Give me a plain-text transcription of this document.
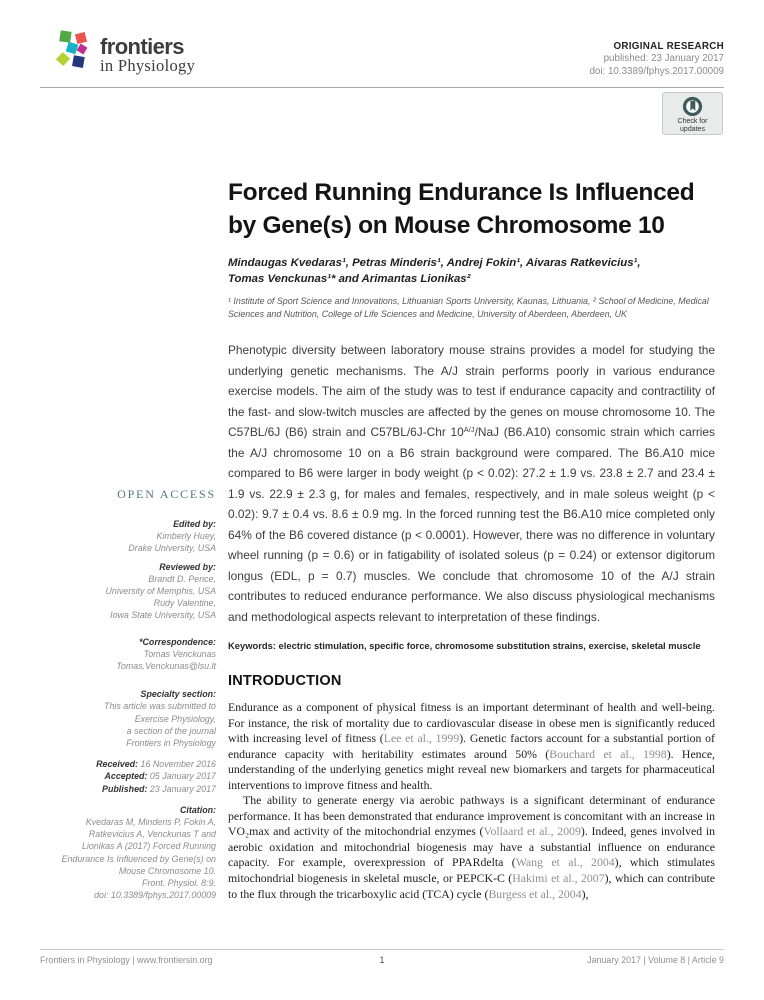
frontiers
in Physiology
ORIGINAL RESEARCH
published: 23 January 2017
doi: 10.3389/fphys.2017.00009
Check for
updates
OPEN ACCESS
Edited by:
Kimberly Huey,
Drake University, USA
Reviewed by:
Brandt D. Pence,
University of Memphis, USA
Rudy Valentine,
Iowa State University, USA
*Correspondence:
Tomas Venckunas
Tomas.Venckunas@lsu.lt
Specialty section:
This article was submitted to
Exercise Physiology,
a section of the journal
Frontiers in Physiology
Received: 16 November 2016
Accepted: 05 January 2017
Published: 23 January 2017
Citation:
Kvedaras M, Minderis P, Fokin A,
Ratkevicius A, Venckunas T and
Lionikas A (2017) Forced Running
Endurance Is Influenced by Gene(s) on
Mouse Chromosome 10.
Front. Physiol. 8:9.
doi: 10.3389/fphys.2017.00009
Forced Running Endurance Is Influenced by Gene(s) on Mouse Chromosome 10
Mindaugas Kvedaras¹, Petras Minderis¹, Andrej Fokin¹, Aivaras Ratkevicius¹,
Tomas Venckunas¹* and Arimantas Lionikas²
¹ Institute of Sport Science and Innovations, Lithuanian Sports University, Kaunas, Lithuania, ² School of Medicine, Medical Sciences and Nutrition, College of Life Sciences and Medicine, University of Aberdeen, Aberdeen, UK
Phenotypic diversity between laboratory mouse strains provides a model for studying the underlying genetic mechanisms. The A/J strain performs poorly in various endurance exercise models. The aim of the study was to test if endurance capacity and contractility of the fast- and slow-twitch muscles are affected by the genes on mouse chromosome 10. The C57BL/6J (B6) strain and C57BL/6J-Chr $10^{A/J}$/NaJ (B6.A10) consomic strain which carries the A/J chromosome 10 on a B6 strain background were compared. The B6.A10 mice compared to B6 were larger in body weight (p < 0.02): 27.2 ± 1.9 vs. 23.8 ± 2.7 and 23.4 ± 1.9 vs. 22.9 ± 2.3 g, for males and females, respectively, and in male soleus weight (p < 0.02): 9.7 ± 0.4 vs. 8.6 ± 0.9 mg. In the forced running test the B6.A10 mice completed only 64% of the B6 covered distance (p < 0.0001). However, there was no difference in voluntary wheel running (p = 0.6) or in fatigability of isolated soleus (p = 0.24) or extensor digitorum longus (EDL, p = 0.7) muscles. We conclude that chromosome 10 of the A/J strain contributes to reduced endurance performance. We also discuss physiological mechanisms and methodological aspects relevant to interpretation of these findings.
Keywords: electric stimulation, specific force, chromosome substitution strains, exercise, skeletal muscle
INTRODUCTION

Endurance as a component of physical fitness is an important determinant of health and well-being. For instance, the risk of mortality due to cardiovascular disease in obese men is significantly reduced with increasing level of fitness (Lee et al., 1999). Genetic factors account for a substantial portion of endurance capacity with heritability estimates around 50% (Bouchard et al., 1998). Hence, understanding of the underlying genetics might reveal new biomarkers and targets for pharmaceutical interventions to improve fitness and health.

The ability to generate energy via aerobic pathways is a significant determinant of endurance performance. It has been demonstrated that endurance improvement is concomitant with an increase in VO₂max and activity of the mitochondrial enzymes (Vollaard et al., 2009). Indeed, genes involved in aerobic oxidation and mitochondrial biogenesis may have a substantial influence on endurance capacity. For example, overexpression of PPARdelta (Wang et al., 2004), which stimulates mitochondrial biogenesis in skeletal muscle, or PEPCK-C (Hakimi et al., 2007), which can contribute to the flux through the tricarboxylic acid (TCA) cycle (Burgess et al., 2004),

Frontiers in Physiology | www.frontiersin.org	1	January 2017 | Volume 8 | Article 9
